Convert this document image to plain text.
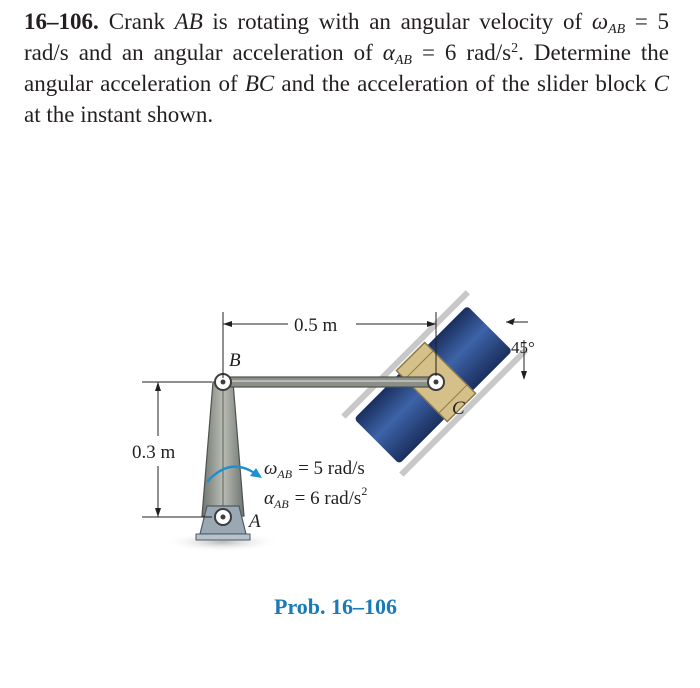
16–106. Crank AB is rotating with an angular velocity of $\omega_{AB} = 5$ rad/s and an angular acceleration of $\alpha_{AB} = 6$ rad/$s^2$. Determine the angular acceleration of BC and the acceleration of the slider block C at the instant shown.
B
C
A
0.5 m
0.3 m
45°
$\omega_{AB} = 5$ rad/s
$\alpha_{AB} = 6$ rad/$s^2$
Prob. 16–106
